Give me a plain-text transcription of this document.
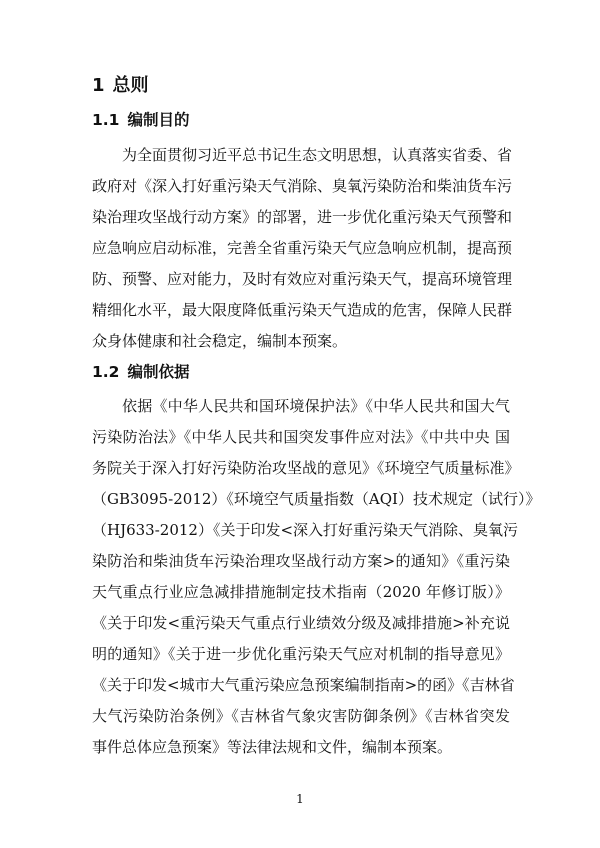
1 总则
1.1 编制目的
为全面贯彻习近平总书记生态文明思想，认真落实省委、省
政府对《深入打好重污染天气消除、臭氧污染防治和柴油货车污
染治理攻坚战行动方案》的部署，进一步优化重污染天气预警和
应急响应启动标准，完善全省重污染天气应急响应机制，提高预
防、预警、应对能力，及时有效应对重污染天气，提高环境管理
精细化水平，最大限度降低重污染天气造成的危害，保障人民群
众身体健康和社会稳定，编制本预案。
1.2 编制依据
依据《中华人民共和国环境保护法》《中华人民共和国大气
污染防治法》《中华人民共和国突发事件应对法》《中共中央 国
务院关于深入打好污染防治攻坚战的意见》《环境空气质量标准》
（GB3095-2012）《环境空气质量指数（AQI）技术规定（试行）》
（HJ633-2012）《关于印发<深入打好重污染天气消除、臭氧污
染防治和柴油货车污染治理攻坚战行动方案>的通知》《重污染
天气重点行业应急减排措施制定技术指南（2020 年修订版）》
《关于印发<重污染天气重点行业绩效分级及减排措施>补充说
明的通知》《关于进一步优化重污染天气应对机制的指导意见》
《关于印发<城市大气重污染应急预案编制指南>的函》《吉林省
大气污染防治条例》《吉林省气象灾害防御条例》《吉林省突发
事件总体应急预案》等法律法规和文件，编制本预案。
1
